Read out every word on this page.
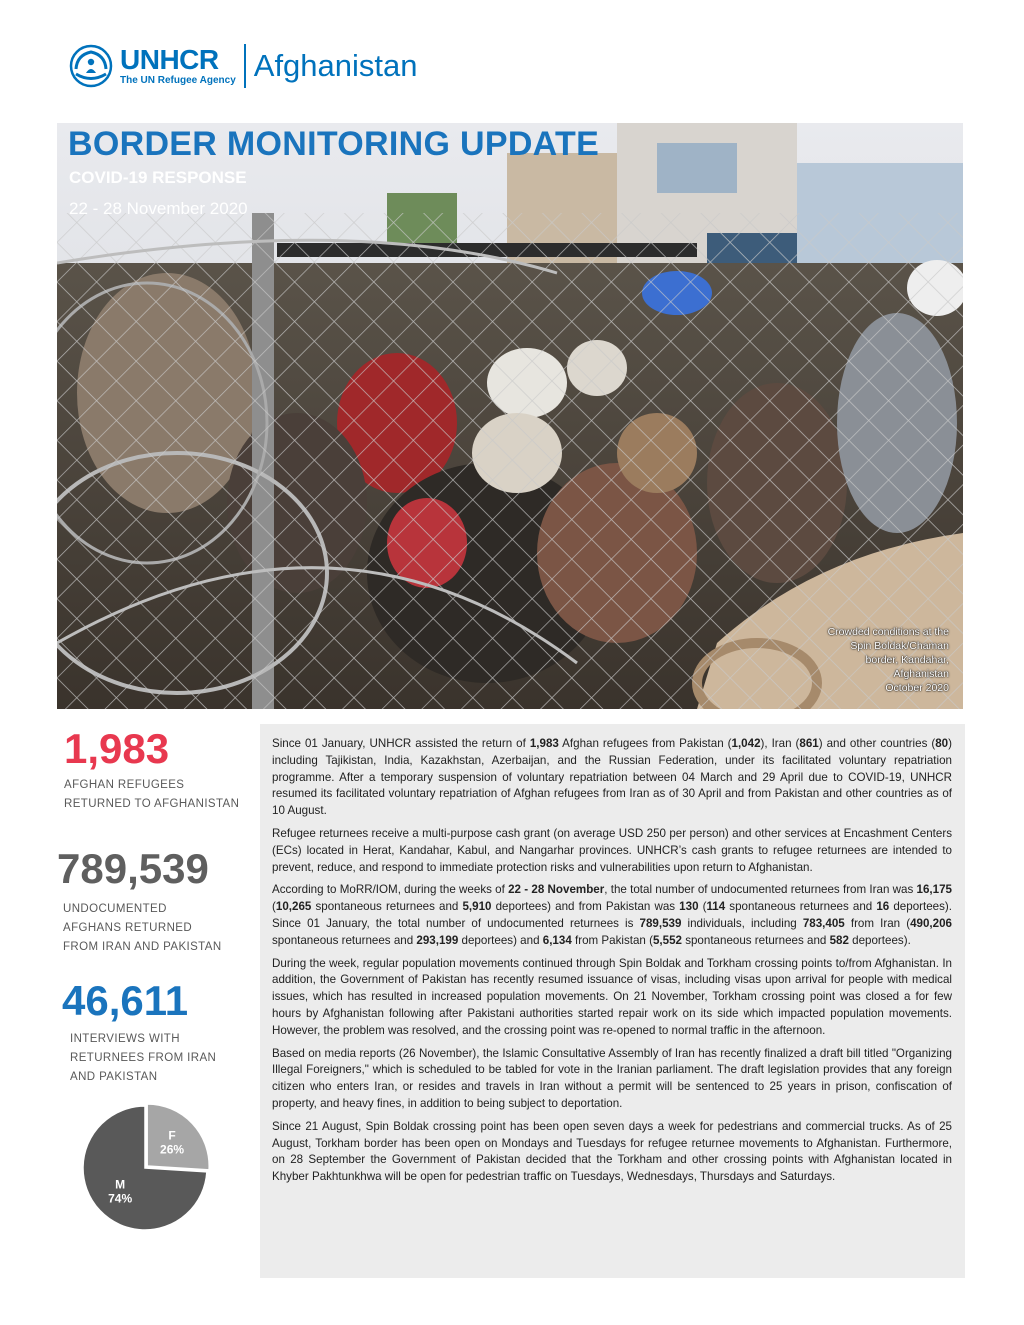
UNHCR
The UN Refugee Agency Afghanistan
BORDER MONITORING UPDATE
COVID-19 RESPONSE
22 - 28 November 2020
Crowded conditions at the
Spin Boldak/Chaman
border, Kandahar,
Afghanistan
October 2020
1,983
AFGHAN REFUGEES
RETURNED TO AFGHANISTAN
789,539
UNDOCUMENTED
AFGHANS RETURNED
FROM IRAN AND PAKISTAN
46,611
INTERVIEWS WITH
RETURNEES FROM IRAN
AND PAKISTAN
F
26%
M
74%

Since 01 January, UNHCR assisted the return of 1,983 Afghan refugees from Pakistan (1,042), Iran (861) and other countries (80) including Tajikistan, India, Kazakhstan, Azerbaijan, and the Russian Federation, under its facilitated voluntary repatriation programme. After a temporary suspension of voluntary repatriation between 04 March and 29 April due to COVID-19, UNHCR resumed its facilitated voluntary repatriation of Afghan refugees from Iran as of 30 April and from Pakistan and other countries as of 10 August.

Refugee returnees receive a multi-purpose cash grant (on average USD 250 per person) and other services at Encashment Centers (ECs) located in Herat, Kandahar, Kabul, and Nangarhar provinces. UNHCR’s cash grants to refugee returnees are intended to prevent, reduce, and respond to immediate protection risks and vulnerabilities upon return to Afghanistan.

According to MoRR/IOM, during the weeks of 22 - 28 November, the total number of undocumented returnees from Iran was 16,175 (10,265 spontaneous returnees and 5,910 deportees) and from Pakistan was 130 (114 spontaneous returnees and 16 deportees). Since 01 January, the total number of undocumented returnees is 789,539 individuals, including 783,405 from Iran (490,206 spontaneous returnees and 293,199 deportees) and 6,134 from Pakistan (5,552 spontaneous returnees and 582 deportees).

During the week, regular population movements continued through Spin Boldak and Torkham crossing points to/from Afghanistan. In addition, the Government of Pakistan has recently resumed issuance of visas, including visas upon arrival for people with medical issues, which has resulted in increased population movements. On 21 November, Torkham crossing point was closed a for few hours by Afghanistan following after Pakistani authorities started repair work on its side which impacted population movements. However, the problem was resolved, and the crossing point was re-opened to normal traffic in the afternoon.

Based on media reports (26 November), the Islamic Consultative Assembly of Iran has recently finalized a draft bill titled "Organizing Illegal Foreigners," which is scheduled to be tabled for vote in the Iranian parliament. The draft legislation provides that any foreign citizen who enters Iran, or resides and travels in Iran without a permit will be sentenced to 25 years in prison, confiscation of property, and heavy fines, in addition to being subject to deportation.

Since 21 August, Spin Boldak crossing point has been open seven days a week for pedestrians and commercial trucks. As of 25 August, Torkham border has been open on Mondays and Tuesdays for refugee returnee movements to Afghanistan. Furthermore, on 28 September the Government of Pakistan decided that the Torkham and other crossing points with Afghanistan located in Khyber Pakhtunkhwa will be open for pedestrian traffic on Tuesdays, Wednesdays, Thursdays and Saturdays.
